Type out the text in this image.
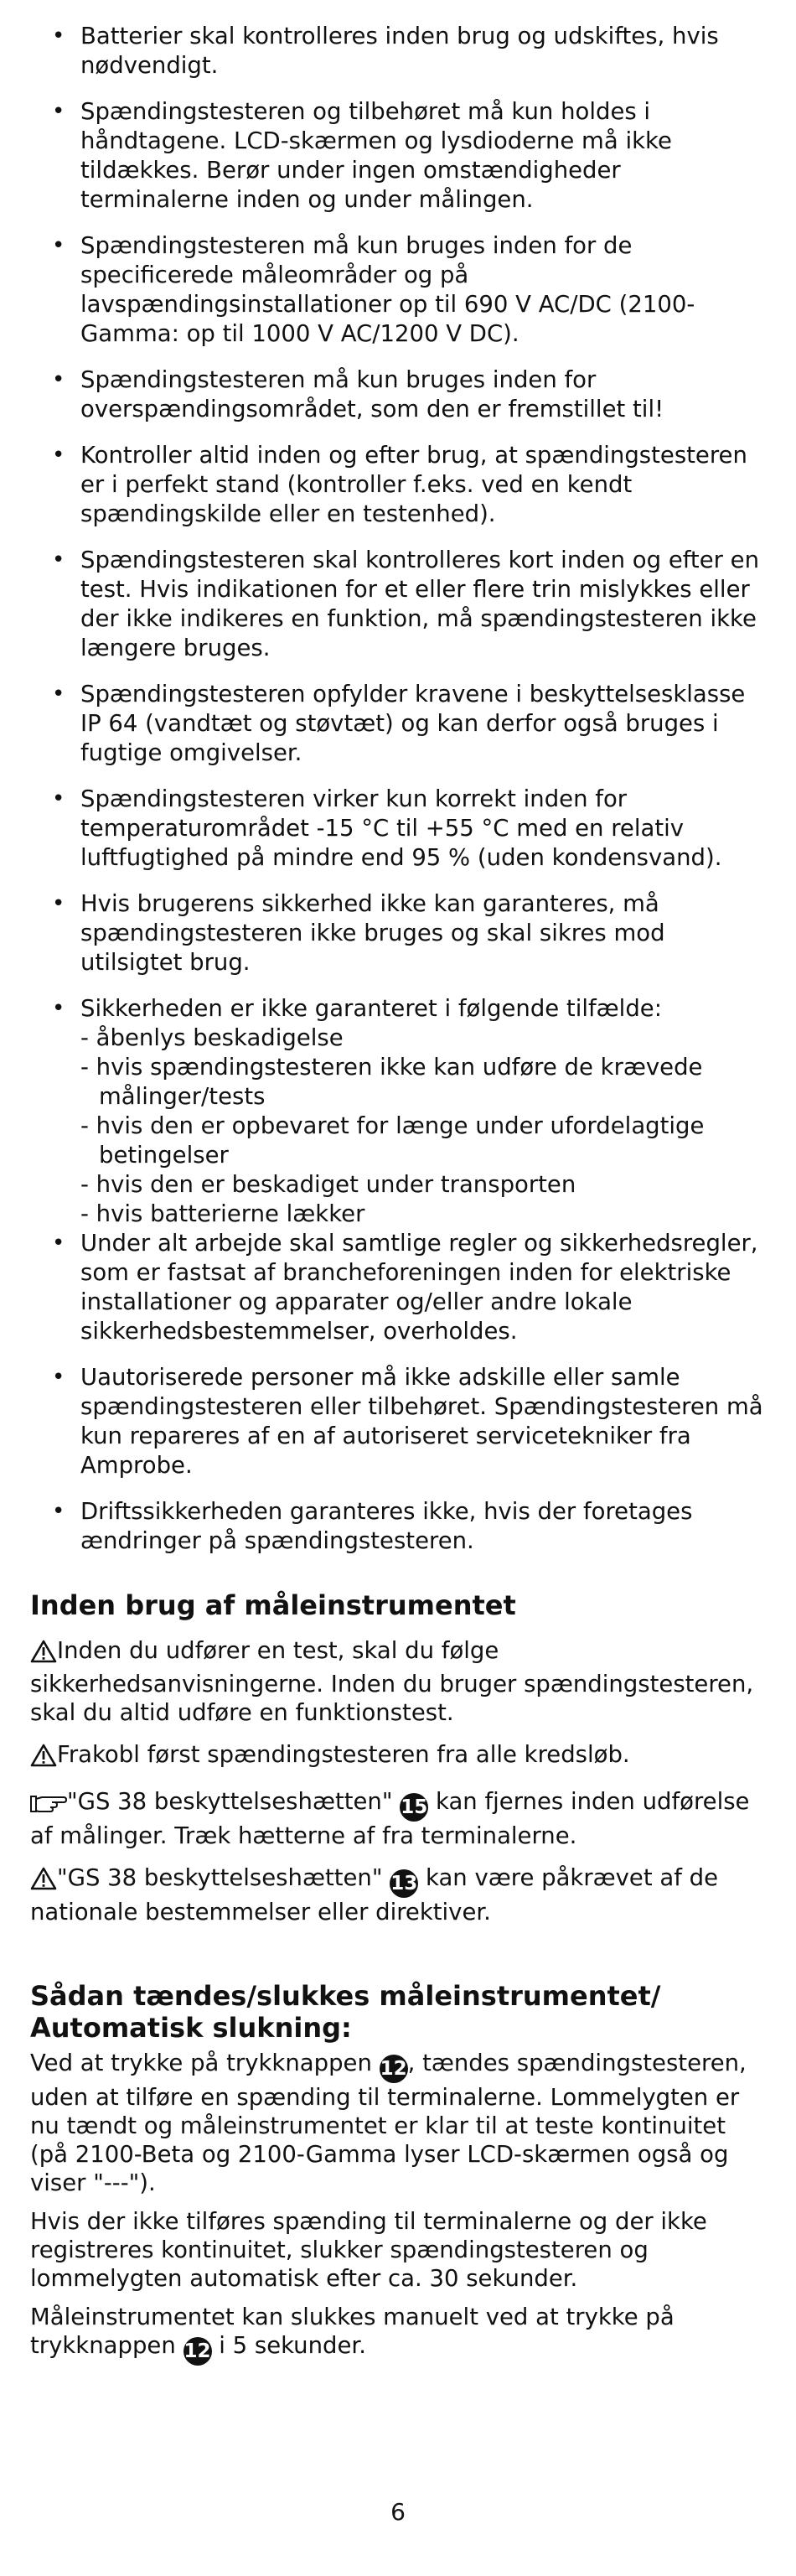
• Batterier skal kontrolleres inden brug og udskiftes, hvis nødvendigt.
• Spændingstesteren og tilbehøret må kun holdes i håndtagene. LCD-skærmen og lysdioderne må ikke tildækkes. Berør under ingen omstændigheder terminalerne inden og under målingen.
• Spændingstesteren må kun bruges inden for de specificerede måleområder og på lavspændingsinstallationer op til 690 V AC/DC (2100-Gamma: op til 1000 V AC/1200 V DC).
• Spændingstesteren må kun bruges inden for overspændingsområdet, som den er fremstillet til!
• Kontroller altid inden og efter brug, at spændingstesteren er i perfekt stand (kontroller f.eks. ved en kendt spændingskilde eller en testenhed).
• Spændingstesteren skal kontrolleres kort inden og efter en test. Hvis indikationen for et eller flere trin mislykkes eller der ikke indikeres en funktion, må spændingstesteren ikke længere bruges.
• Spændingstesteren opfylder kravene i beskyttelsesklasse IP 64 (vandtæt og støvtæt) og kan derfor også bruges i fugtige omgivelser.
• Spændingstesteren virker kun korrekt inden for temperaturområdet -15 °C til +55 °C med en relativ luftfugtighed på mindre end 95 % (uden kondensvand).
• Hvis brugerens sikkerhed ikke kan garanteres, må spændingstesteren ikke bruges og skal sikres mod utilsigtet brug.
• Sikkerheden er ikke garanteret i følgende tilfælde:
- åbenlys beskadigelse
- hvis spændingstesteren ikke kan udføre de krævede målinger/tests
- hvis den er opbevaret for længe under ufordelagtige betingelser
- hvis den er beskadiget under transporten
- hvis batterierne lækker
• Under alt arbejde skal samtlige regler og sikkerhedsregler, som er fastsat af brancheforeningen inden for elektriske installationer og apparater og/eller andre lokale sikkerhedsbestemmelser, overholdes.
• Uautoriserede personer må ikke adskille eller samle spændingstesteren eller tilbehøret. Spændingstesteren må kun repareres af en af autoriseret servicetekniker fra Amprobe.
• Driftssikkerheden garanteres ikke, hvis der foretages ændringer på spændingstesteren.
Inden brug af måleinstrumentet

Inden du udfører en test, skal du følge sikkerhedsanvisningerne. Inden du bruger spændingstesteren, skal du altid udføre en funktionstest.

Frakobl først spændingstesteren fra alle kredsløb.

"GS 38 beskyttelseshætten" 15 kan fjernes inden udførelse af målinger. Træk hætterne af fra terminalerne.

"GS 38 beskyttelseshætten" 13 kan være påkrævet af de nationale bestemmelser eller direktiver.

Sådan tændes/slukkes måleinstrumentet/
Automatisk slukning:

Ved at trykke på trykknappen 12, tændes spændingstesteren, uden at tilføre en spænding til terminalerne. Lommelygten er nu tændt og måleinstrumentet er klar til at teste kontinuitet (på 2100-Beta og 2100-Gamma lyser LCD-skærmen også og viser "---").

Hvis der ikke tilføres spænding til terminalerne og der ikke registreres kontinuitet, slukker spændingstesteren og lommelygten automatisk efter ca. 30 sekunder.

Måleinstrumentet kan slukkes manuelt ved at trykke på trykknappen 12 i 5 sekunder.

6
